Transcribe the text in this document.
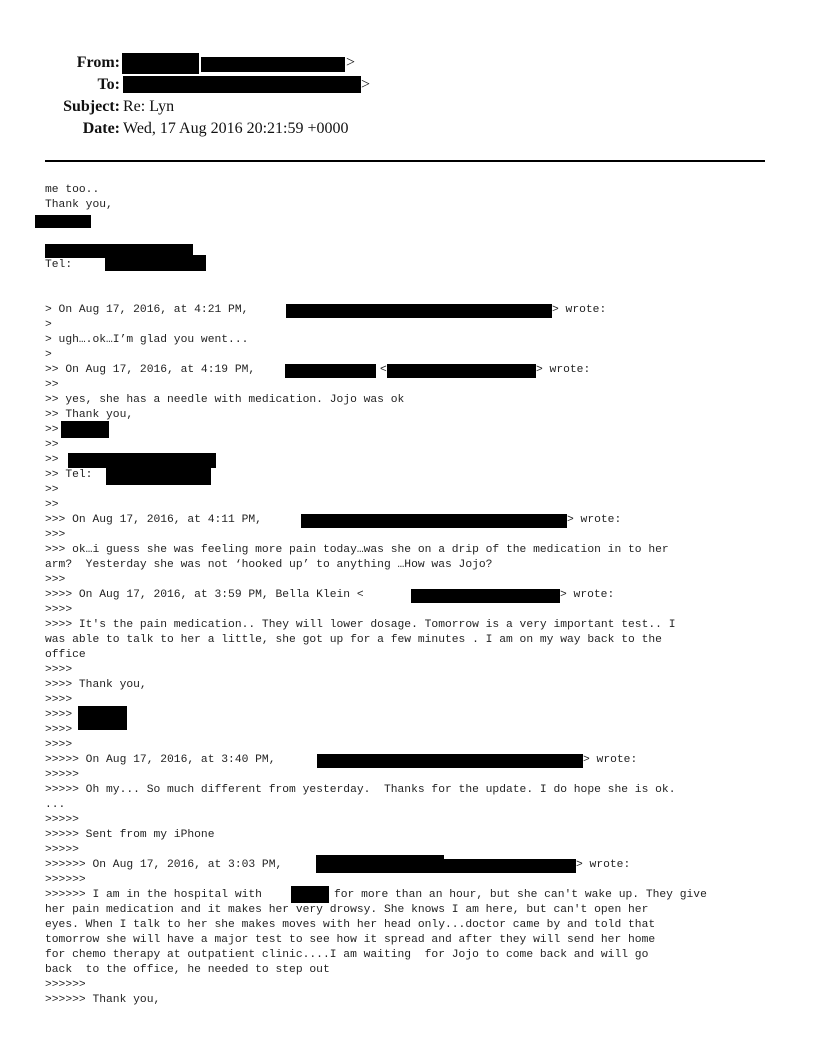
From:	>
To:	>
Subject: Re: Lyn
Date: Wed, 17 Aug 2016 20:21:59 +0000
me too..
Thank you,
Tel:
> On Aug 17, 2016, at 4:21 PM,	> wrote:
>
> ugh….ok…I’m glad you went...
>
>> On Aug 17, 2016, at 4:19 PM,	<	> wrote:
>>
>> yes, she has a needle with medication. Jojo was ok
>> Thank you,
>>
>>
>>
>> Tel:
>>
>>
>>> On Aug 17, 2016, at 4:11 PM,	> wrote:
>>>
>>> ok…i guess she was feeling more pain today…was she on a drip of the medication in to her
arm?  Yesterday she was not ‘hooked up’ to anything …How was Jojo?
>>>
>>>> On Aug 17, 2016, at 3:59 PM, Bella Klein <	> wrote:
>>>>
>>>> It's the pain medication.. They will lower dosage. Tomorrow is a very important test.. I
was able to talk to her a little, she got up for a few minutes . I am on my way back to the
office
>>>>
>>>> Thank you,
>>>>
>>>>
>>>>
>>>>
>>>>> On Aug 17, 2016, at 3:40 PM,	> wrote:
>>>>>
>>>>> Oh my... So much different from yesterday.  Thanks for the update. I do hope she is ok.
...
>>>>>
>>>>> Sent from my iPhone
>>>>>
>>>>>> On Aug 17, 2016, at 3:03 PM,	> wrote:
>>>>>>
>>>>>> I am in the hospital with	for more than an hour, but she can't wake up. They give
her pain medication and it makes her very drowsy. She knows I am here, but can't open her
eyes. When I talk to her she makes moves with her head only...doctor came by and told that
tomorrow she will have a major test to see how it spread and after they will send her home
for chemo therapy at outpatient clinic....I am waiting  for Jojo to come back and will go
back  to the office, he needed to step out
>>>>>>
>>>>>> Thank you,
